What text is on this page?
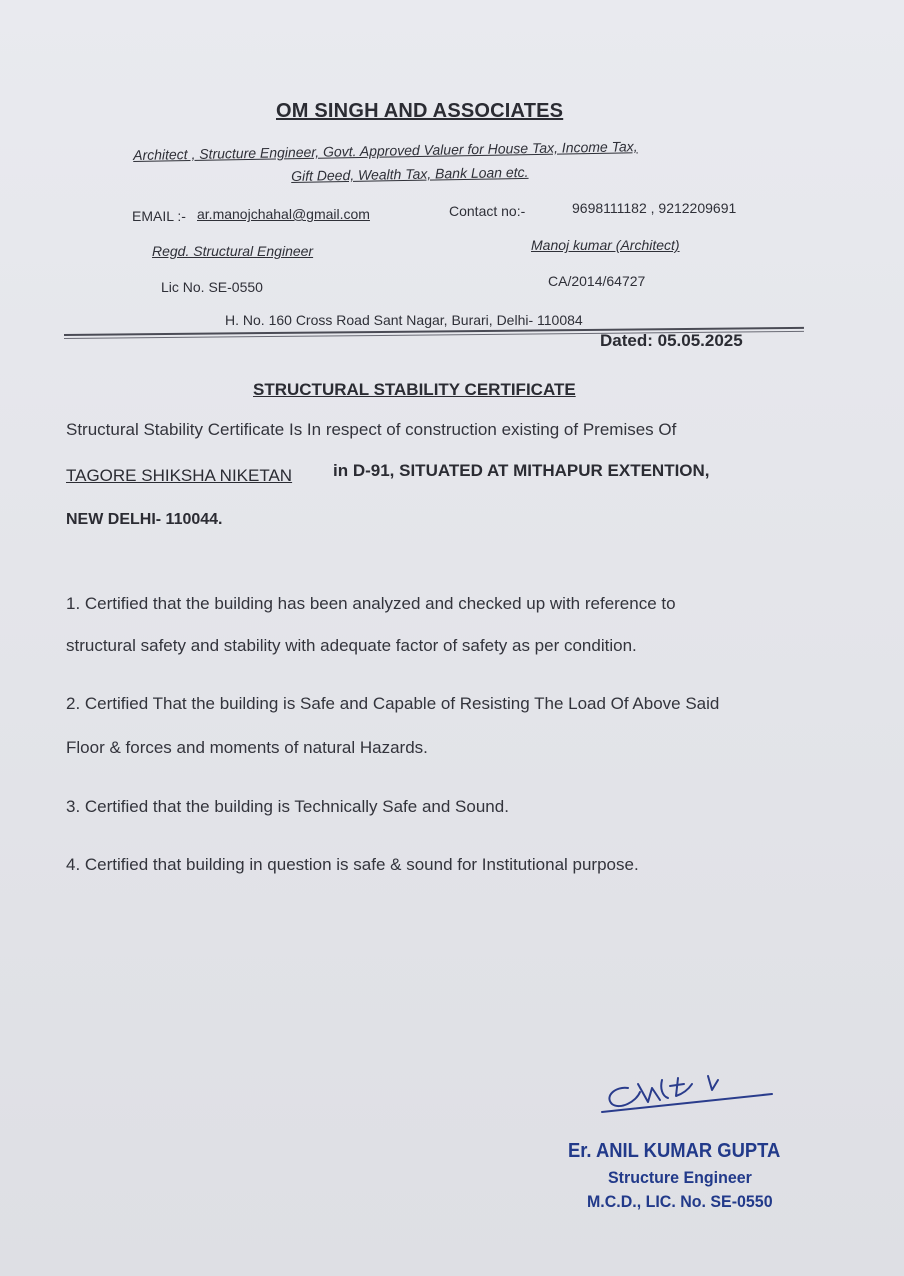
OM SINGH AND ASSOCIATES
Architect , Structure Engineer, Govt. Approved Valuer for House Tax, Income Tax,
Gift Deed, Wealth Tax, Bank Loan etc.
EMAIL :- ar.manojchahal@gmail.com	Contact no:-	9698111182 , 9212209691
Regd. Structural Engineer	Manoj kumar (Architect)
Lic No. SE-0550	CA/2014/64727
H. No. 160 Cross Road Sant Nagar, Burari, Delhi- 110084
Dated: 05.05.2025
STRUCTURAL STABILITY CERTIFICATE
Structural Stability Certificate Is In respect of construction existing of Premises Of
TAGORE SHIKSHA NIKETAN in D-91, SITUATED AT MITHAPUR EXTENTION,
NEW DELHI- 110044.
1. Certified that the building has been analyzed and checked up with reference to
structural safety and stability with adequate factor of safety as per condition.
2. Certified That the building is Safe and Capable of Resisting The Load Of Above Said
Floor & forces and moments of natural Hazards.
3. Certified that the building is Technically Safe and Sound.
4. Certified that building in question is safe & sound for Institutional purpose.
Er. ANIL KUMAR GUPTA
Structure Engineer
M.C.D., LIC. No. SE-0550
